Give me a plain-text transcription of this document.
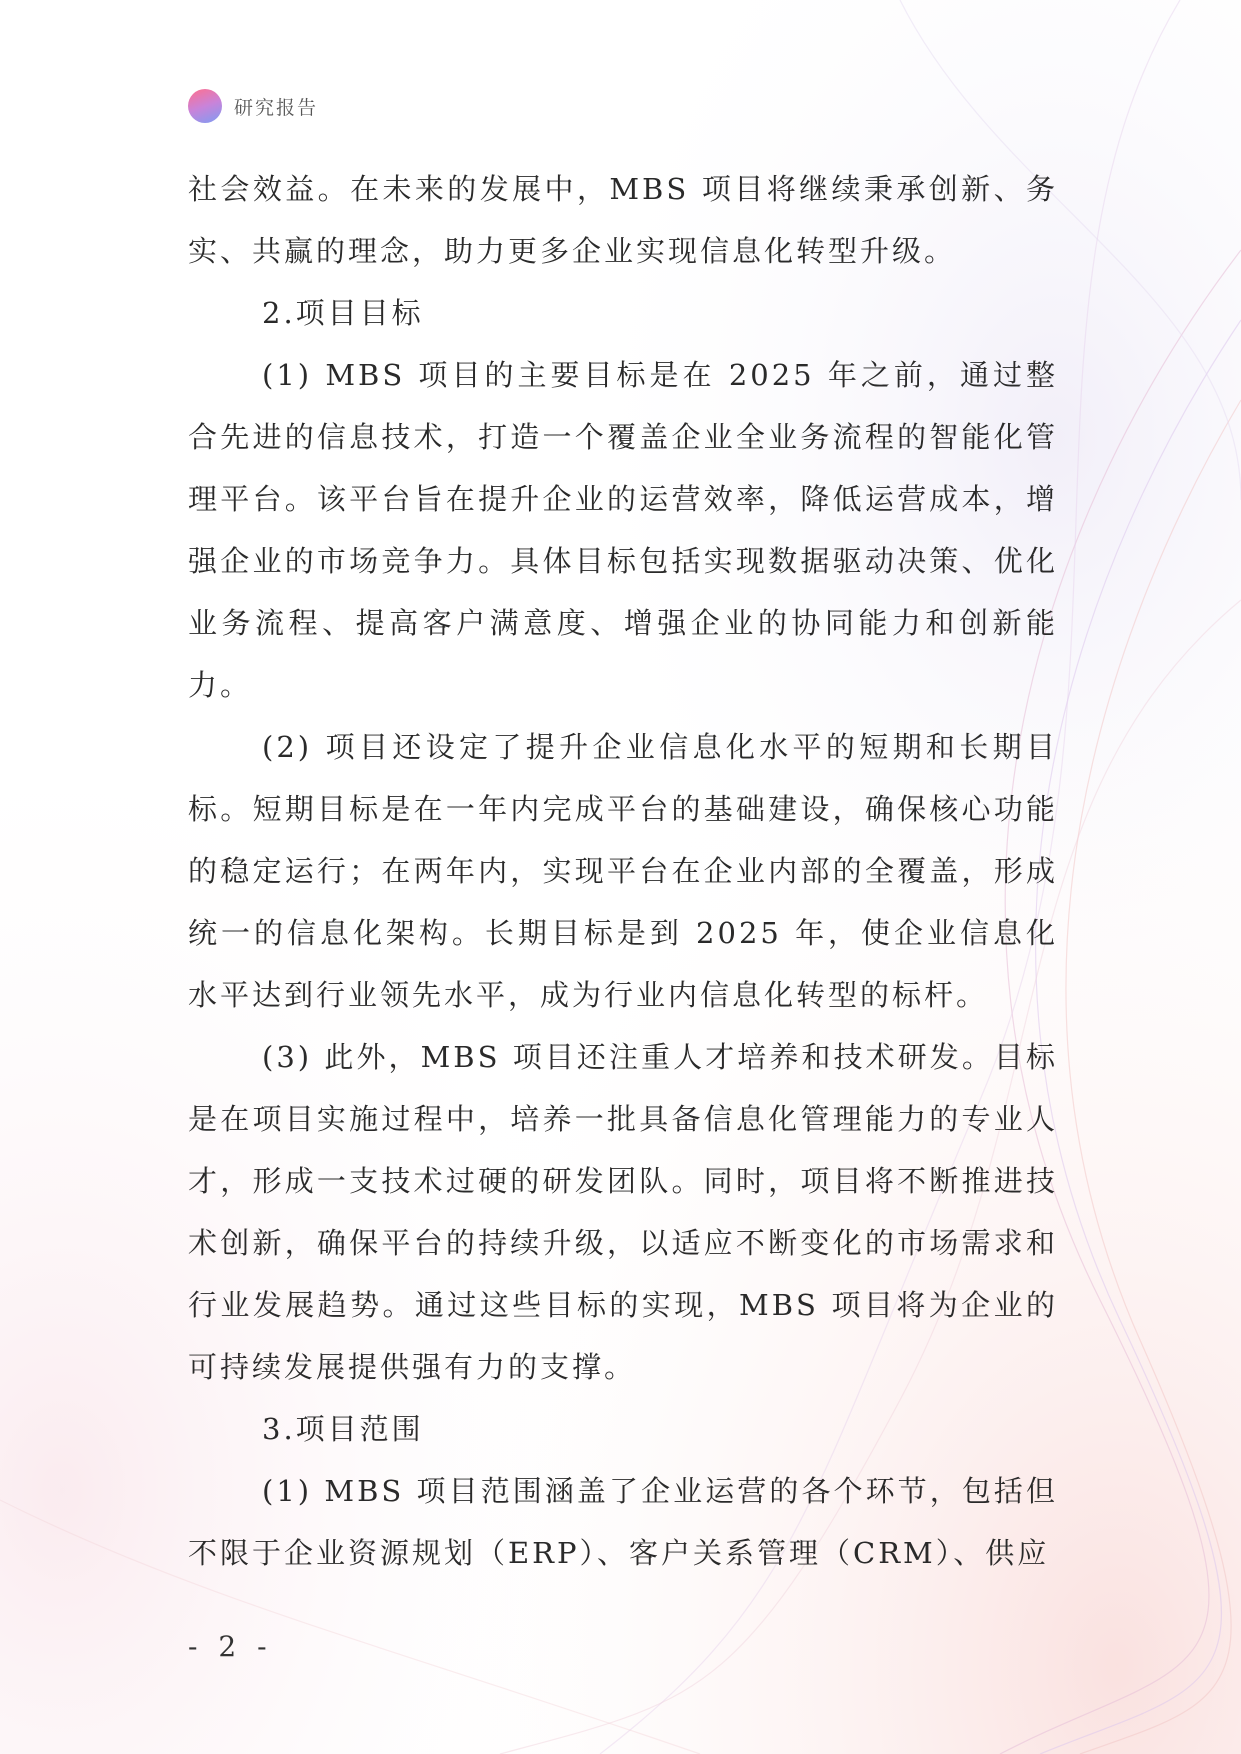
研究报告

社会效益。在未来的发展中，MBS 项目将继续秉承创新、务实、共赢的理念，助力更多企业实现信息化转型升级。

2.项目目标

(1) MBS 项目的主要目标是在 2025 年之前，通过整合先进的信息技术，打造一个覆盖企业全业务流程的智能化管理平台。该平台旨在提升企业的运营效率，降低运营成本，增强企业的市场竞争力。具体目标包括实现数据驱动决策、优化业务流程、提高客户满意度、增强企业的协同能力和创新能力。

(2) 项目还设定了提升企业信息化水平的短期和长期目标。短期目标是在一年内完成平台的基础建设，确保核心功能的稳定运行；在两年内，实现平台在企业内部的全覆盖，形成统一的信息化架构。长期目标是到 2025 年，使企业信息化水平达到行业领先水平，成为行业内信息化转型的标杆。

(3) 此外，MBS 项目还注重人才培养和技术研发。目标是在项目实施过程中，培养一批具备信息化管理能力的专业人才，形成一支技术过硬的研发团队。同时，项目将不断推进技术创新，确保平台的持续升级，以适应不断变化的市场需求和行业发展趋势。通过这些目标的实现，MBS 项目将为企业的可持续发展提供强有力的支撑。

3.项目范围

(1) MBS 项目范围涵盖了企业运营的各个环节，包括但不限于企业资源规划（ERP）、客户关系管理（CRM）、供应

- 2 -
